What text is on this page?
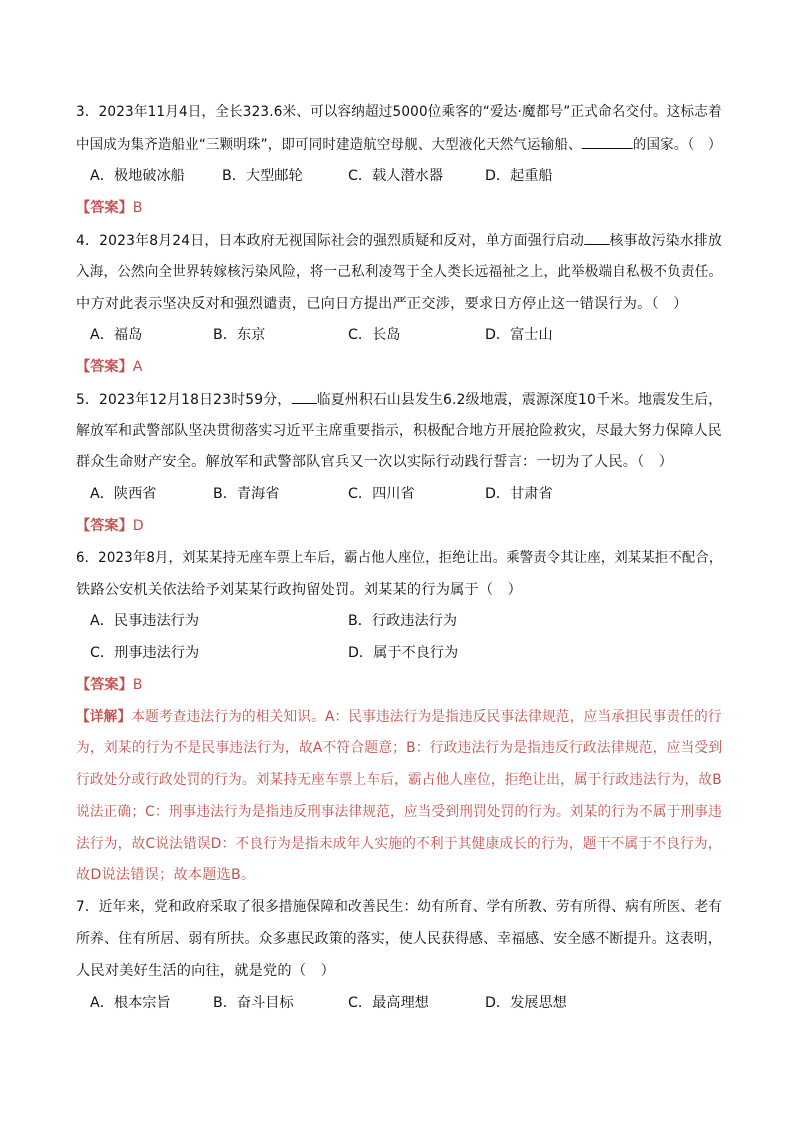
3．2023年11月4日，全长323.6米、可以容纳超过5000位乘客的“爱达·魔都号”正式命名交付。这标志着
中国成为集齐造船业“三颗明珠”，即可同时建造航空母舰、大型液化天然气运输船、	的国家。（　）
A．极地破冰船	B．大型邮轮	C．载人潜水器	D．起重船
【答案】B
4．2023年8月24日，日本政府无视国际社会的强烈质疑和反对，单方面强行启动 核事故污染水排放
入海，公然向全世界转嫁核污染风险，将一己私利凌驾于全人类长远福祉之上，此举极端自私极不负责任。
中方对此表示坚决反对和强烈谴责，已向日方提出严正交涉，要求日方停止这一错误行为。（　）
A．福岛	B．东京	C．长岛	D．富士山
【答案】A
5．2023年12月18日23时59分， 临夏州积石山县发生6.2级地震，震源深度10千米。地震发生后，
解放军和武警部队坚决贯彻落实习近平主席重要指示，积极配合地方开展抢险救灾，尽最大努力保障人民
群众生命财产安全。解放军和武警部队官兵又一次以实际行动践行誓言：一切为了人民。（　）
A．陕西省	B．青海省	C．四川省	D．甘肃省
【答案】D
6．2023年8月，刘某某持无座车票上车后，霸占他人座位，拒绝让出。乘警责令其让座，刘某某拒不配合，
铁路公安机关依法给予刘某某行政拘留处罚。刘某某的行为属于（　）
A．民事违法行为	B．行政违法行为
C．刑事违法行为	D．属于不良行为
【答案】B
【详解】本题考查违法行为的相关知识。A：民事违法行为是指违反民事法律规范，应当承担民事责任的行
为，刘某的行为不是民事违法行为，故A不符合题意；B：行政违法行为是指违反行政法律规范，应当受到
行政处分或行政处罚的行为。刘某持无座车票上车后，霸占他人座位，拒绝让出，属于行政违法行为，故B
说法正确；C：刑事违法行为是指违反刑事法律规范，应当受到刑罚处罚的行为。刘某的行为不属于刑事违
法行为，故C说法错误D：不良行为是指未成年人实施的不利于其健康成长的行为，题干不属于不良行为，
故D说法错误；故本题选B。
7．近年来，党和政府采取了很多措施保障和改善民生：幼有所育、学有所教、劳有所得、病有所医、老有
所养、住有所居、弱有所扶。众多惠民政策的落实，使人民获得感、幸福感、安全感不断提升。这表明，
人民对美好生活的向往，就是党的（　）
A．根本宗旨	B．奋斗目标	C．最高理想	D．发展思想
